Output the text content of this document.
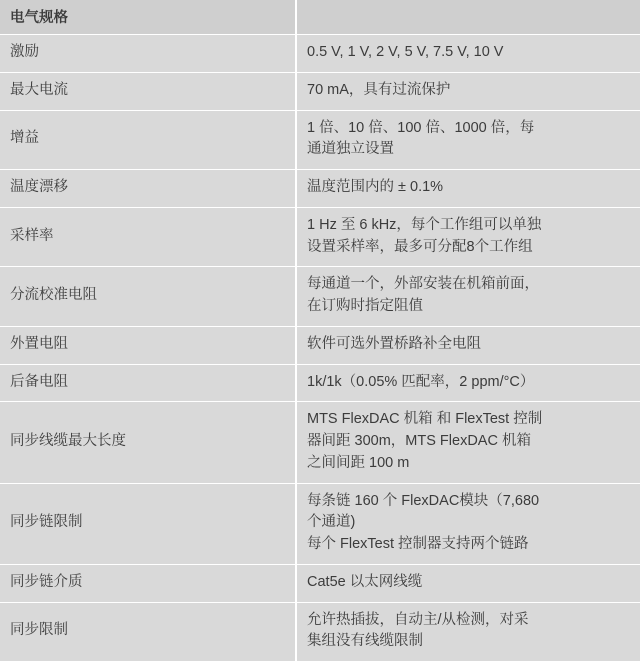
电气规格	
激励	0.5 V, 1 V, 2 V, 5 V, 7.5 V, 10 V

最大电流	70 mA，具有过流保护

增益	1 倍、10 倍、100 倍、1000 倍，每
通道独立设置

温度漂移	温度范围内的 ± 0.1%

采样率	1 Hz 至 6 kHz，每个工作组可以单独
设置采样率，最多可分配8个工作组

分流校准电阻	每通道一个，外部安装在机箱前面，
在订购时指定阻值

外置电阻	软件可选外置桥路补全电阻

后备电阻	1k/1k（0.05% 匹配率，2 ppm/°C）

同步线缆最大长度	MTS FlexDAC 机箱 和 FlexTest 控制
器间距 300m，MTS FlexDAC 机箱
之间间距 100 m

同步链限制	每条链 160 个 FlexDAC模块（7,680
个通道)
每个 FlexTest 控制器支持两个链路

同步链介质	Cat5e 以太网线缆

同步限制	允许热插拔，自动主/从检测，对采
集组没有线缆限制
